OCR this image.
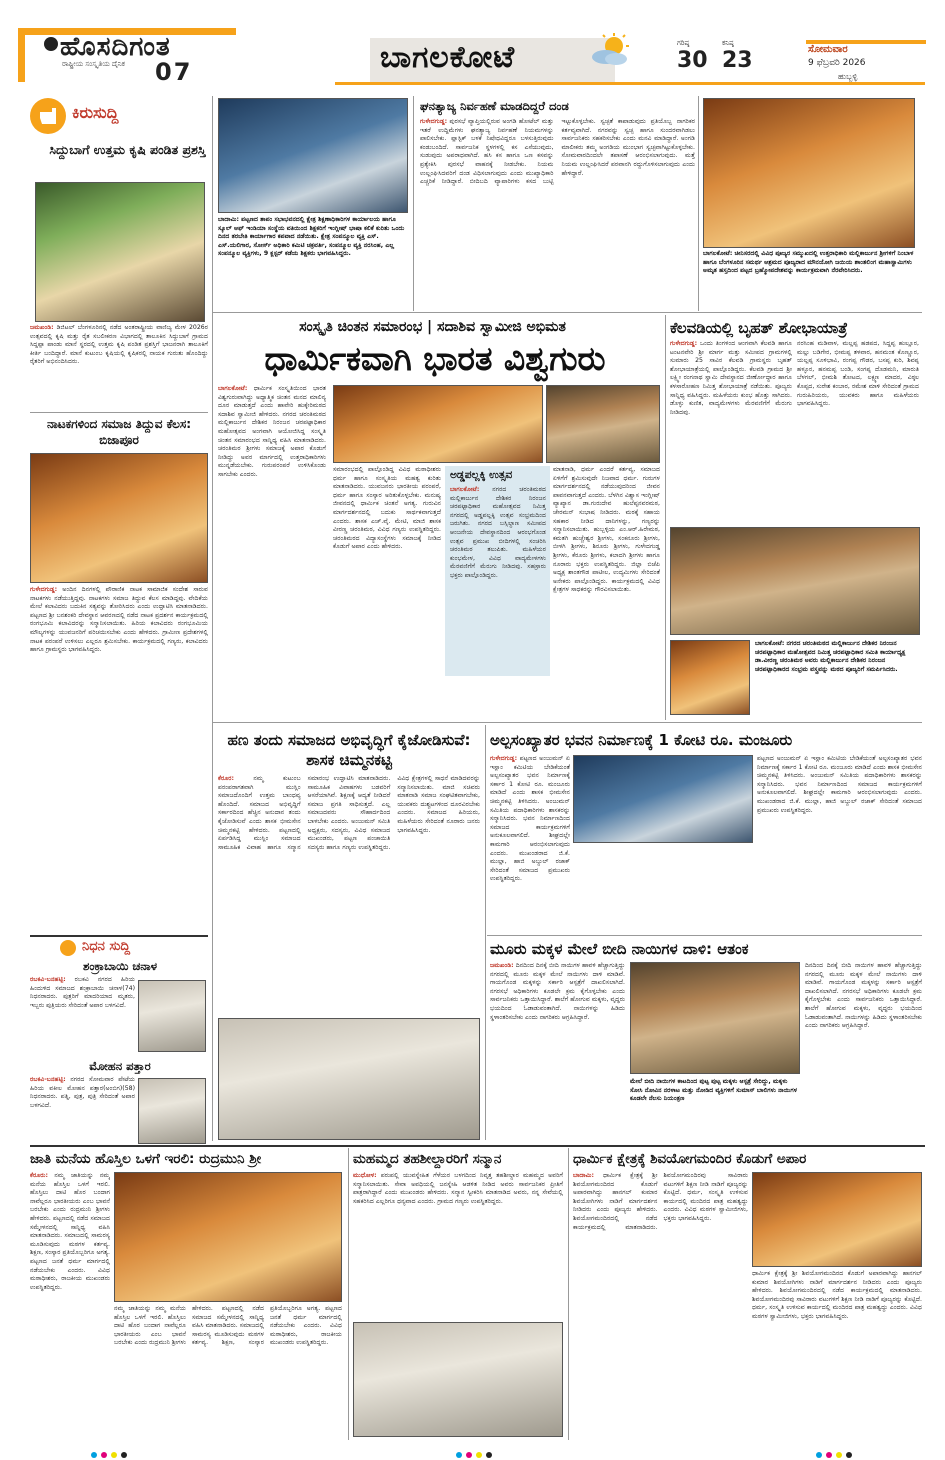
ಹೊಸದಿಗಂತ
ರಾಷ್ಟ್ರೀಯ ಸಂಸ್ಕೃತಿಯ ದೈನಿಕ 07	ಬಾಗಲಕೋಟೆ	ಗರಿಷ್ಠ
30
ಕನಿಷ್ಠ
23	ಸೋಮವಾರ
9 ಫೆಬ್ರವರಿ 2026
ಹುಬ್ಬಳ್ಳಿ
ಕಿರುಸುದ್ದಿ
ಸಿದ್ದುಬಾಗೆ ಉತ್ತಮ ಕೃಷಿ ಪಂಡಿತ ಪ್ರಶಸ್ತಿ
ಜಮಖಂಡಿ: ಡಿಜಿಟಲ್ ಬೆಂಗಳೂರಿನಲ್ಲಿ ನಡೆದ ಅಂತರಾಷ್ಟ್ರೀಯ ವಾಣಿಜ್ಯ ಮೇಳ 2026ರ ಉತ್ಸವದಲ್ಲಿ ಕೃಷಿ ಮತ್ತು ರೈತ ಸಬಲೀಕರಣ ವಿಭಾಗದಲ್ಲಿ ತಾಲೂಕಿನ ಸಿದ್ದುಬಾಗೆ ಗ್ರಾಮದ ಸಿದ್ದಪ್ಪಾ ಪಾಂಡು ಮಾನೆ ಸ್ಥರದಲ್ಲಿ ಉತ್ತಮ ಕೃಷಿ ಪಂಡಿತ ಪ್ರಶಸ್ತಿಗೆ ಭಾಜನರಾಗಿ ತಾಲೂಕಿಗೆ ಕೀರ್ತಿ ಬಂದಿದ್ದಾರೆ. ಮಾನೆ ಕುಟುಂಬ ಕೃಷಿಯಲ್ಲಿ ಕೃಷಿಕರಲ್ಲಿ ನಾಯಕ ಗುರುತು ಹೊಂದಿದ್ದು ರೈತರಿಗೆ ಅಭಿನಂದಿಸಿದರು.
ನಾಟಕಗಳಿಂದ ಸಮಾಜ ತಿದ್ದುವ ಕೆಲಸ: ಬಿಜಾಪೂರ
ಗುಳೇದಗುಡ್ಡ: ಅಂದಿನ ದಿನಗಳಲ್ಲಿ ಪೌರಾಣಿಕ ನಾಟಕ ಸಾಮಾಜಿಕ ಸಂದೇಶ ಸಾರುವ ನಾಟಕಗಳು ನಡೆಯುತ್ತಿದ್ದವು. ನಾಟಕಗಳು ಸಮಾಜ ತಿದ್ದುವ ಕೆಲಸ ಮಾಡಿದ್ದವು. ವೇದಿಕೆಯ ಮೇಲೆ ಕಲಾವಿದರು ಬದುಕಿನ ಸತ್ಯವನ್ನು ತೋರಿಸಿದರು ಎಂದು ಉದ್ಘಾಟಿಸಿ ಮಾತನಾಡಿದರು. ಪಟ್ಟಣದ ಶ್ರೀ ಬನಶಂಕರಿ ದೇವಸ್ಥಾನ ಆವರಣದಲ್ಲಿ ನಡೆದ ನಾಟಕ ಪ್ರದರ್ಶನ ಕಾರ್ಯಕ್ರಮದಲ್ಲಿ ರಂಗಭೂಮಿ ಕಲಾವಿದರನ್ನು ಸನ್ಮಾನಿಸಲಾಯಿತು. ಹಿರಿಯ ಕಲಾವಿದರು ರಂಗಭೂಮಿಯ ಮೌಲ್ಯಗಳನ್ನು ಯುವಜನರಿಗೆ ಪರಿಚಯಿಸಬೇಕು ಎಂದು ಹೇಳಿದರು. ಗ್ರಾಮೀಣ ಪ್ರದೇಶಗಳಲ್ಲಿ ನಾಟಕ ಪರಂಪರೆ ಉಳಿಸಲು ಎಲ್ಲರೂ ಶ್ರಮಿಸಬೇಕು. ಕಾರ್ಯಕ್ರಮದಲ್ಲಿ ಗಣ್ಯರು, ಕಲಾವಿದರು ಹಾಗೂ ಗ್ರಾಮಸ್ಥರು ಭಾಗವಹಿಸಿದ್ದರು.
ನಿಧನ ಸುದ್ದಿ
ಶಂಕ್ರಾಬಾಯಿ ಚನಾಳ
ರಬಕವಿ-ಬನಹಟ್ಟಿ: ರಬಕವಿ ನಗರದ ಹಿರಿಯ ಹಿಂದುಳಿದ ಸಮಾಜದ ಶಂಕ್ರಾಬಾಯಿ ಚನಾಳ(74) ನಿಧನರಾದರು. ಪುತ್ರರಿಗೆ ಮಾದರಿಯಾದ ಮೃತರು, ಇಬ್ಬರು ಪುತ್ರಿಯರು ಸೇರಿದಂತೆ ಅಪಾರ ಬಳಗವಿದೆ.
ಮೋಹನ ಪತ್ತಾರ
ರಬಕವಿ-ಬನಹಟ್ಟಿ: ನಗರದ ಸೋಮವಾರ ಪೇಟೆಯ ಹಿರಿಯ ವಕೀಲ ಮೋಹನ ಪತ್ತಾರ(ಅಂಬಿಗ)(58) ನಿಧನರಾದರು. ಪತ್ನಿ, ಪುತ್ರ, ಪುತ್ರಿ ಸೇರಿದಂತೆ ಅಪಾರ ಬಳಗವಿದೆ.
ಬಾದಾಮಿ: ಪಟ್ಟಣದ ತಾಪಂ ಸಭಾಭವನದಲ್ಲಿ ಕ್ಷೇತ್ರ ಶಿಕ್ಷಣಾಧಿಕಾರಿಗಳ ಕಾರ್ಯಾಲಯ ಹಾಗೂ ಸ್ಕೂಲ್ ಆಫ್ ಇಂಡಿಯಾ ಸಂಸ್ಥೆಯ ವತಿಯಿಂದ ಶಿಕ್ಷಕರಿಗೆ ಇಂಗ್ಲೀಷ್ ಭಾಷಾ ಕಲಿಕೆ ಕುರಿತು ಒಂದು ದಿನದ ತರಬೇತಿ ಕಾರ್ಯಾಗಾರ ಕಪವಾದ ನಡೆಯಿತು. ಕ್ಷೇತ್ರ ಸಂಪನ್ಮೂಲ ವ್ಯಕ್ತಿ ಎಸ್. ಎಸ್.ಯಲಿಗಾರ, ಸೋರ್ಸ್ ಅಧಿಕಾರಿ ಕಮಿಟಿ ಚಕ್ರವರ್ತಿ, ಸಂಪನ್ಮೂಲ ವ್ಯಕ್ತಿ ನರಸಿಂಹ, ಎಲ್ಲ ಸಂಪನ್ಮೂಲ ವ್ಯಕ್ತಿಗಳು, 9 ಕ್ಲಸ್ಟರ್ ಕಡೆಯ ಶಿಕ್ಷಕರು ಭಾಗವಹಿಸಿದ್ದರು.
ಘನತ್ಯಾಜ್ಯ ನಿರ್ವಹಣೆ ಮಾಡದಿದ್ದರೆ ದಂಡ
ಗುಳೇದಗುಡ್ಡ: ಪುರಸಭೆ ವ್ಯಾಪ್ತಿಯಲ್ಲಿರುವ ಅಂಗಡಿ ಹೋಟೆಲ್ ಮತ್ತು ಇತರೆ ಉದ್ದಿಮೆಗಳು ಘನತ್ಯಾಜ್ಯ ನಿರ್ವಹಣೆ ನಿಯಮಗಳನ್ನು ಪಾಲಿಸಬೇಕು. ಪ್ಲಾಸ್ಟಿಕ್ ಬಳಕೆ ನಿಷೇಧವಿದ್ದರೂ ಬಳಸುತ್ತಿರುವುದು ಕಂಡುಬಂದಿದೆ. ಸಾರ್ವಜನಿಕ ಸ್ಥಳಗಳಲ್ಲಿ ಕಸ ಎಸೆಯುವುದು, ಸುಡುವುದು ಅಪರಾಧವಾಗಿದೆ. ಹಸಿ ಕಸ ಹಾಗೂ ಒಣ ಕಸವನ್ನು ಪ್ರತ್ಯೇಕಿಸಿ ಪುರಸಭೆ ವಾಹನಕ್ಕೆ ನೀಡಬೇಕು. ನಿಯಮ ಉಲ್ಲಂಘಿಸಿದವರಿಗೆ ದಂಡ ವಿಧಿಸಲಾಗುವುದು ಎಂದು ಮುಖ್ಯಾಧಿಕಾರಿ ಎಚ್ಚರಿಕೆ ನೀಡಿದ್ದಾರೆ. ಬೀದಿಬದಿ ವ್ಯಾಪಾರಿಗಳು ಕಸದ ಬುಟ್ಟಿ ಇಟ್ಟುಕೊಳ್ಳಬೇಕು. ಸ್ವಚ್ಛತೆ ಕಾಪಾಡುವುದು ಪ್ರತಿಯೊಬ್ಬ ನಾಗರಿಕರ ಕರ್ತವ್ಯವಾಗಿದೆ. ನಗರವನ್ನು ಸ್ವಚ್ಛ ಹಾಗೂ ಸುಂದರವಾಗಿಡಲು ಸಾರ್ವಜನಿಕರು ಸಹಕರಿಸಬೇಕು ಎಂದು ಮನವಿ ಮಾಡಿದ್ದಾರೆ. ಅಂಗಡಿ ಮಾಲೀಕರು ತಮ್ಮ ಅಂಗಡಿಯ ಮುಂಭಾಗ ಸ್ವಚ್ಛವಾಗಿಟ್ಟುಕೊಳ್ಳಬೇಕು. ಸೋಮವಾರದಿಂದಲೇ ತಪಾಸಣೆ ಆರಂಭಿಸಲಾಗುವುದು. ಮತ್ತೆ ನಿಯಮ ಉಲ್ಲಂಘಿಸಿದರೆ ಪರವಾನಗಿ ರದ್ದುಗೊಳಿಸಲಾಗುವುದು ಎಂದು ಹೇಳಿದ್ದಾರೆ.
ಬಾಗಲಕೋಟೆ: ಚೀನಿಸರದಲ್ಲಿ ವಿವಿಧ ಪೂಜ್ಯರ ಸಮ್ಮುಖದಲ್ಲಿ ಉತ್ತರಾಧಿಕಾರಿ ಮಲ್ಲಿಕಾರ್ಜುನ ಶ್ರೀಗಳಿಗೆ ನಿಂಬಾಳ ಹಾಗೂ ಬೆಂಗಳೂರಿನ ಸಮರ್ಥ ಆಶ್ರಮದ ಪೂಜ್ಯರಾದ ಮೌನಯೋಗಿ ಜಯಿಯ ಶಾಂತಲಿಂಗ ಮಹಾಸ್ವಾಮಿಗಳು ಅಮೃತ ಹಸ್ತದಿಂದ ಪಟ್ಟದ ಬ್ರಹ್ಮೋಪದೇಶವನ್ನು ಕಾರ್ಯಕ್ರಮವಾಗಿ ನೆರವೇರಿಸಿದರು.
ಸಂಸ್ಕೃತಿ ಚಿಂತನ ಸಮಾರಂಭ | ಸದಾಶಿವ ಸ್ವಾಮೀಜಿ ಅಭಿಮತ
ಧಾರ್ಮಿಕವಾಗಿ ಭಾರತ ವಿಶ್ವಗುರು
ಬಾಗಲಕೋಟೆ: ಧಾರ್ಮಿಕ ಸಂಸ್ಕೃತಿಯಿಂದ ಭಾರತ ವಿಶ್ವಗುರುವಾಗಿದ್ದು ಅಧ್ಯಾತ್ಮಿಕ ಚಿಂತನ ಮನದ ಮಾಲಿನ್ಯ ದೂರ ಮಾಡುತ್ತದೆ ಎಂದು ಹಾವೇರಿ ಹುಕ್ಕೇರಿಮಠದ ಸದಾಶಿವ ಸ್ವಾಮೀಜಿ ಹೇಳಿದರು. ನಗರದ ಚರಂತಿಮಠದ ಮಲ್ಲಿಕಾರ್ಜುನ ದೇಶಿಕರ ನಿರಂಜನ ಚರಪಟ್ಟಾಧಿಕಾರ ಮಹೋತ್ಸವದ ಅಂಗವಾಗಿ ಆಯೋಜಿಸಿದ್ದ ಸಂಸ್ಕೃತಿ ಚಿಂತನ ಸಮಾರಂಭದ ಸಾನ್ನಿಧ್ಯ ವಹಿಸಿ ಮಾತನಾಡಿದರು. ಚರಂತಿಮಠ ಶ್ರೀಗಳು ಸಮಾಜಕ್ಕೆ ಅಪಾರ ಕೊಡುಗೆ ನೀಡಿದ್ದು ಅವರ ಮಾರ್ಗದಲ್ಲಿ ಉತ್ತರಾಧಿಕಾರಿಗಳು ಮುನ್ನಡೆಯಬೇಕು. ಗುರುಪರಂಪರೆ ಉಳಿಸಿಕೊಂಡು ಸಾಗಬೇಕು ಎಂದರು.
ಸಮಾರಂಭದಲ್ಲಿ ಪಾಲ್ಗೊಂಡಿದ್ದ ವಿವಿಧ ಮಠಾಧೀಶರು ಧರ್ಮ ಹಾಗೂ ಸಂಸ್ಕೃತಿಯ ಮಹತ್ವ ಕುರಿತು ಮಾತನಾಡಿದರು. ಯುವಜನರು ಭಾರತೀಯ ಪರಂಪರೆ, ಧರ್ಮ ಹಾಗೂ ಸಂಸ್ಕಾರ ಅರಿತುಕೊಳ್ಳಬೇಕು. ಮನುಷ್ಯ ಜೀವನದಲ್ಲಿ ಧಾರ್ಮಿಕ ಚಿಂತನೆ ಅಗತ್ಯ. ಗುರುವಿನ ಮಾರ್ಗದರ್ಶನದಲ್ಲಿ ಬದುಕು ಸಾರ್ಥಕವಾಗುತ್ತದೆ ಎಂದರು. ಶಾಸಕ ಎಚ್.ವೈ. ಮೇಟಿ, ಮಾಜಿ ಶಾಸಕ ವೀರಣ್ಣ ಚರಂತಿಮಠ, ವಿವಿಧ ಗಣ್ಯರು ಉಪಸ್ಥಿತರಿದ್ದರು. ಚರಂತಿಮಠದ ವಿದ್ಯಾಸಂಸ್ಥೆಗಳು ಸಮಾಜಕ್ಕೆ ನೀಡಿದ ಕೊಡುಗೆ ಅಪಾರ ಎಂದು ಹೇಳಿದರು.
ಅಡ್ಡಪಲ್ಲಕ್ಕಿ ಉತ್ಸವ
ಬಾಗಲಕೋಟೆ: ನಗರದ ಚರಂತಿಮಠದ ಮಲ್ಲಿಕಾರ್ಜುನ ದೇಶಿಕರ ನಿರಂಜನ ಚರಪಟ್ಟಾಧಿಕಾರ ಮಹೋತ್ಸವದ ನಿಮಿತ್ತ ನಗರದಲ್ಲಿ ಅಡ್ಡಪಲ್ಲಕ್ಕಿ ಉತ್ಸವ ಸಂಭ್ರಮದಿಂದ ಜರುಗಿತು. ನಗರದ ಬಸ್ಸಿಲ್ದಾಣ ಸಮೀಪದ ಆಂಜನೇಯ ದೇವಸ್ಥಾನದಿಂದ ಆರಂಭಗೊಂಡ ಉತ್ಸವ ಪ್ರಮುಖ ಬೀದಿಗಳಲ್ಲಿ ಸಂಚರಿಸಿ ಚರಂತಿಮಠ ತಲುಪಿತು. ಮಹಿಳೆಯರ ಕುಂಭಮೇಳ, ವಿವಿಧ ವಾದ್ಯಮೇಳಗಳು ಮೆರವಣಿಗೆಗೆ ಮೆರುಗು ನೀಡಿದವು. ಸಹಸ್ರಾರು ಭಕ್ತರು ಪಾಲ್ಗೊಂಡಿದ್ದರು.
ಮಾತನಾಡಿ, ಧರ್ಮ ಎಂದರೆ ಕರ್ತವ್ಯ, ಸಮಾಜದ ಏಳಿಗೆಗೆ ಶ್ರಮಿಸುವುದೇ ನಿಜವಾದ ಧರ್ಮ. ಗುರುಗಳ ಮಾರ್ಗದರ್ಶನದಲ್ಲಿ ನಡೆಯುವುದರಿಂದ ಜೀವನ ಪಾವನವಾಗುತ್ತದೆ ಎಂದರು. ಬೆಳಗಿನ ವಿಶ್ವಾಸ ಇಂಗ್ಲೀಷ್ ವ್ಯಾಖ್ಯಾನ ಡಾ.ಗುರುದೇವ ಹುಲೆಪ್ಪನವರಮಠ, ಚೇರಮನ್ ಸುಭಾಷ ನೀಡಿದರು. ಮಠಕ್ಕೆ ಸಹಾಯ ಸಹಕಾರ ನೀಡಿದ ದಾನಿಗಳನ್ನು, ಗಣ್ಯರನ್ನು ಸನ್ಮಾನಿಸಲಾಯಿತು. ಹುಬ್ಬಳ್ಳಿಯ ಎಂ.ಆರ್.ಹಿರೇಮಠ, ಕಮತಗಿ ಹುಚ್ಚೇಶ್ವರ ಶ್ರೀಗಳು, ಸಂಕನೂರು ಶ್ರೀಗಳು, ಬೀಳಗಿ ಶ್ರೀಗಳು, ಶಿರೂರು ಶ್ರೀಗಳು, ಗುಳೇದಗುಡ್ಡ ಶ್ರೀಗಳು, ಕೆರೂರು ಶ್ರೀಗಳು, ಕಲಾದಗಿ ಶ್ರೀಗಳು ಹಾಗೂ ನೂರಾರು ಭಕ್ತರು ಉಪಸ್ಥಿತರಿದ್ದರು. ಜಿಲ್ಲಾ ಬಿಜೆಪಿ ಅಧ್ಯಕ್ಷ ಶಾಂತಗೌಡ ಪಾಟೀಲ, ಉದ್ಯಮಿಗಳು ಸೇರಿದಂತೆ ಅನೇಕರು ಪಾಲ್ಗೊಂಡಿದ್ದರು. ಕಾರ್ಯಕ್ರಮದಲ್ಲಿ ವಿವಿಧ ಕ್ಷೇತ್ರಗಳ ಸಾಧಕರನ್ನು ಗೌರವಿಸಲಾಯಿತು.
ಕೆಲವಡಿಯಲ್ಲಿ ಬೃಹತ್ ಶೋಭಾಯಾತ್ರೆ
ಗುಳೇದಗುಡ್ಡ: ಒಂದು ತಿಂಗಳಿಂದ ಆಂಗವಾಗಿ ಕೆಲವಡಿ ಹಾಗೂ ಟಂಟನವೇರಿ ಶ್ರೀ ಮಾರ್ಗ ಮತ್ತು ಸಮೀಪದ ಗ್ರಾಮಗಳಲ್ಲಿ ಸುಮಾರು 25 ಸಾವಿರ ಕೆಲವಡಿ ಗ್ರಾಮಸ್ಥರು ಬೃಹತ್ ಶೋಭಾಯಾತ್ರೆಯಲ್ಲಿ ಪಾಲ್ಗೊಂಡಿದ್ದರು. ಕೆಲವಡಿ ಗ್ರಾಮದ ಶ್ರೀ ಲಕ್ಷ್ಮೀ ರಂಗನಾಥ ಸ್ವಾಮಿ ದೇವಸ್ಥಾನದ ಜೀರ್ಣೋದ್ಧಾರ ಹಾಗೂ ಕಳಸಾರೋಹಣ ನಿಮಿತ್ತ ಶೋಭಾಯಾತ್ರೆ ನಡೆಯಿತು. ಪೂಜ್ಯರು ಸಾನ್ನಿಧ್ಯ ವಹಿಸಿದ್ದರು. ಮಹಿಳೆಯರು ಕುಂಭ ಹೊತ್ತು ಸಾಗಿದರು. ಡೊಳ್ಳು ಕುಣಿತ, ವಾದ್ಯಮೇಳಗಳು ಮೆರವಣಿಗೆಗೆ ಮೆರುಗು ನೀಡಿದವು.
ನರಸಿಂಹ ಮಡಿವಾಳ, ಮಲ್ಲಪ್ಪ ಹಡಪದ, ಸಿದ್ದಪ್ಪ ಹುಲ್ಲೂರ, ಮಲ್ಲು ಬಡಿಗೇರ, ಭೀಮಪ್ಪ ತಳವಾರ, ಹನಮಂತ ಕೊಣ್ಣೂರ, ಯಲ್ಲಪ್ಪ ಸೂಳಿಭಾವಿ, ರಂಗಪ್ಪ ಗೌಡರ, ಬಸಪ್ಪ ಕುರಿ, ಶಿವಪ್ಪ ಹಳ್ಳೂರ, ಹನಮಪ್ಪ ಬಂಡಿ, ಸಂಗಪ್ಪ ದೊಡಮನಿ, ಮಾರುತಿ ಬೆಳಗಲ್, ಭೀಮಶಿ ತೋಟದ, ಲಕ್ಷ್ಮಣ ಮಾದರ, ವಿಠ್ಠಲ ಕೊಪ್ಪದ, ಸುರೇಶ ಕಂಬಾರ, ರಮೇಶ ಮಾಳಿ ಸೇರಿದಂತೆ ಗ್ರಾಮದ ಗುರುಹಿರಿಯರು, ಯುವಕರು ಹಾಗೂ ಮಹಿಳೆಯರು ಭಾಗವಹಿಸಿದ್ದರು.
ಬಾಗಲಕೋಟೆ: ನಗರದ ಚರಂತಿಮಠದ ಮಲ್ಲಿಕಾರ್ಜುನ ದೇಶಿಕರ ನಿರಂಜನ ಚರಪಟ್ಟಾಧಿಕಾರ ಮಹೋತ್ಸವದ ನಿಮಿತ್ತ ಚರಪಟ್ಟಾಧಿಕಾರ ಸಮಿತಿ ಕಾರ್ಯಾಧ್ಯಕ್ಷ ಡಾ.ವೀರಣ್ಣ ಚರಂತಿಮಠ ಅವರು ಮಲ್ಲಿಕಾರ್ಜುನ ದೇಶಿಕರ ನಿರಂಜನ ಚರಪಟ್ಟಾಧಿಕಾರದ ಸಂಭ್ರಮ ವಸ್ತ್ರವನ್ನು ಮಠದ ಪೂಜ್ಯರಿಗೆ ಸಮರ್ಪಿಸಿದರು.
ಹಣ ತಂದು ಸಮಾಜದ ಅಭಿವೃದ್ಧಿಗೆ ಕೈಜೋಡಿಸುವೆ: ಶಾಸಕ ಚಿಮ್ಮನಕಟ್ಟಿ
ಕೆರೂರ:	ನಮ್ಮ ಕುಟುಂಬ ಪರಂಪರಾಗತವಾಗಿ ಮುಸ್ಲಿಂ ಸಮಾಜದೊಂದಿಗೆ ಉತ್ತಮ ಬಾಂಧವ್ಯ ಹೊಂದಿದೆ. ಸಮಾಜದ ಅಭಿವೃದ್ಧಿಗೆ ಸರ್ಕಾರದಿಂದ ಹೆಚ್ಚಿನ ಅನುದಾನ ತಂದು ಕೈಜೋಡಿಸುವೆ ಎಂದು ಶಾಸಕ ಭೀಮಸೇನ ಚಿಮ್ಮನಕಟ್ಟಿ ಹೇಳಿದರು. ಪಟ್ಟಣದಲ್ಲಿ ಏರ್ಪಡಿಸಿದ್ದ ಮುಸ್ಲಿಂ ಸಮಾಜದ ಸಾಮೂಹಿಕ ವಿವಾಹ ಹಾಗೂ ಸನ್ಮಾನ ಸಮಾರಂಭ ಉದ್ಘಾಟಿಸಿ ಮಾತನಾಡಿದರು. ಸಾಮೂಹಿಕ ವಿವಾಹಗಳು ಬಡವರಿಗೆ ಆಸರೆಯಾಗಿವೆ. ಶಿಕ್ಷಣಕ್ಕೆ ಆದ್ಯತೆ ನೀಡಿದರೆ ಸಮಾಜ ಪ್ರಗತಿ ಸಾಧಿಸುತ್ತದೆ. ಎಲ್ಲ ಸಮಾಜದವರು ಸೌಹಾರ್ದದಿಂದ ಬಾಳಬೇಕು ಎಂದರು. ಅಂಜುಮನ್ ಸಮಿತಿ ಅಧ್ಯಕ್ಷರು, ಸದಸ್ಯರು, ವಿವಿಧ ಸಮಾಜದ ಮುಖಂಡರು, ಪಟ್ಟಣ ಪಂಚಾಯಿತಿ ಸದಸ್ಯರು ಹಾಗೂ ಗಣ್ಯರು ಉಪಸ್ಥಿತರಿದ್ದರು. ವಿವಿಧ ಕ್ಷೇತ್ರಗಳಲ್ಲಿ ಸಾಧನೆ ಮಾಡಿದವರನ್ನು ಸನ್ಮಾನಿಸಲಾಯಿತು. ಮಾಜಿ ಸಚಿವರು ಮಾತನಾಡಿ ಸಮಾಜ ಸಂಘಟಿತವಾಗಬೇಕು, ಯುವಕರು ದುಶ್ಚಟಗಳಿಂದ ದೂರವಿರಬೇಕು ಎಂದರು. ಸಮಾಜದ ಹಿರಿಯರು, ಮಹಿಳೆಯರು ಸೇರಿದಂತೆ ನೂರಾರು ಜನರು ಭಾಗವಹಿಸಿದ್ದರು.
ಅಲ್ಪಸಂಖ್ಯಾತರ ಭವನ ನಿರ್ಮಾಣಕ್ಕೆ 1 ಕೋಟಿ ರೂ. ಮಂಜೂರು
ಗುಳೇದಗುಡ್ಡ: ಪಟ್ಟಣದ ಅಂಜುಮನ್ ಏ ಇಸ್ಲಾಂ ಕಮಿಟಿಯ ಬೇಡಿಕೆಯಂತೆ ಅಲ್ಪಸಂಖ್ಯಾತರ ಭವನ ನಿರ್ಮಾಣಕ್ಕೆ ಸರ್ಕಾರ 1 ಕೋಟಿ ರೂ. ಮಂಜೂರು ಮಾಡಿದೆ ಎಂದು ಶಾಸಕ ಭೀಮಸೇನ ಚಿಮ್ಮನಕಟ್ಟಿ ತಿಳಿಸಿದರು. ಅಂಜುಮನ್ ಸಮಿತಿಯ ಪದಾಧಿಕಾರಿಗಳು ಶಾಸಕರನ್ನು ಸನ್ಮಾನಿಸಿದರು. ಭವನ ನಿರ್ಮಾಣದಿಂದ ಸಮಾಜದ ಕಾರ್ಯಕ್ರಮಗಳಿಗೆ ಅನುಕೂಲವಾಗಲಿದೆ. ಶೀಘ್ರದಲ್ಲೇ ಕಾಮಗಾರಿ ಆರಂಭಿಸಲಾಗುವುದು ಎಂದರು. ಮುಖಂಡರಾದ ಜಿ.ಕೆ. ಮುಲ್ಲಾ, ಹಾಜಿ ಅಬ್ದುಲ್ ರಜಾಕ್ ಸೇರಿದಂತೆ ಸಮಾಜದ ಪ್ರಮುಖರು ಉಪಸ್ಥಿತರಿದ್ದರು.
ಪಟ್ಟಣದ ಅಂಜುಮನ್ ಏ ಇಸ್ಲಾಂ ಕಮಿಟಿಯ ಬೇಡಿಕೆಯಂತೆ ಅಲ್ಪಸಂಖ್ಯಾತರ ಭವನ ನಿರ್ಮಾಣಕ್ಕೆ ಸರ್ಕಾರ 1 ಕೋಟಿ ರೂ. ಮಂಜೂರು ಮಾಡಿದೆ ಎಂದು ಶಾಸಕ ಭೀಮಸೇನ ಚಿಮ್ಮನಕಟ್ಟಿ ತಿಳಿಸಿದರು. ಅಂಜುಮನ್ ಸಮಿತಿಯ ಪದಾಧಿಕಾರಿಗಳು ಶಾಸಕರನ್ನು ಸನ್ಮಾನಿಸಿದರು. ಭವನ ನಿರ್ಮಾಣದಿಂದ ಸಮಾಜದ ಕಾರ್ಯಕ್ರಮಗಳಿಗೆ ಅನುಕೂಲವಾಗಲಿದೆ. ಶೀಘ್ರದಲ್ಲೇ ಕಾಮಗಾರಿ ಆರಂಭಿಸಲಾಗುವುದು ಎಂದರು. ಮುಖಂಡರಾದ ಜಿ.ಕೆ. ಮುಲ್ಲಾ, ಹಾಜಿ ಅಬ್ದುಲ್ ರಜಾಕ್ ಸೇರಿದಂತೆ ಸಮಾಜದ ಪ್ರಮುಖರು ಉಪಸ್ಥಿತರಿದ್ದರು.
ಮೂರು ಮಕ್ಕಳ ಮೇಲೆ ಬೀದಿ ನಾಯಿಗಳ ದಾಳಿ: ಆತಂಕ
ಜಮಖಂಡಿ: ದಿನದಿಂದ ದಿನಕ್ಕೆ ಬೀದಿ ನಾಯಿಗಳ ಹಾವಳಿ ಹೆಚ್ಚಾಗುತ್ತಿದ್ದು ನಗರದಲ್ಲಿ ಮೂರು ಮಕ್ಕಳ ಮೇಲೆ ನಾಯಿಗಳು ದಾಳಿ ಮಾಡಿವೆ. ಗಾಯಗೊಂಡ ಮಕ್ಕಳನ್ನು ಸರ್ಕಾರಿ ಆಸ್ಪತ್ರೆಗೆ ದಾಖಲಿಸಲಾಗಿದೆ. ನಗರಸಭೆ ಅಧಿಕಾರಿಗಳು ಕೂಡಲೇ ಕ್ರಮ ಕೈಗೊಳ್ಳಬೇಕು ಎಂದು ಸಾರ್ವಜನಿಕರು ಒತ್ತಾಯಿಸಿದ್ದಾರೆ. ಶಾಲೆಗೆ ಹೋಗುವ ಮಕ್ಕಳು, ವೃದ್ಧರು ಭಯದಿಂದ ಓಡಾಡುವಂತಾಗಿದೆ. ನಾಯಿಗಳನ್ನು ಹಿಡಿದು ಸ್ಥಳಾಂತರಿಸಬೇಕು ಎಂದು ನಾಗರಿಕರು ಆಗ್ರಹಿಸಿದ್ದಾರೆ.
ದಿನದಿಂದ ದಿನಕ್ಕೆ ಬೀದಿ ನಾಯಿಗಳ ಹಾವಳಿ ಹೆಚ್ಚಾಗುತ್ತಿದ್ದು ನಗರದಲ್ಲಿ ಮೂರು ಮಕ್ಕಳ ಮೇಲೆ ನಾಯಿಗಳು ದಾಳಿ ಮಾಡಿವೆ. ಗಾಯಗೊಂಡ ಮಕ್ಕಳನ್ನು ಸರ್ಕಾರಿ ಆಸ್ಪತ್ರೆಗೆ ದಾಖಲಿಸಲಾಗಿದೆ. ನಗರಸಭೆ ಅಧಿಕಾರಿಗಳು ಕೂಡಲೇ ಕ್ರಮ ಕೈಗೊಳ್ಳಬೇಕು ಎಂದು ಸಾರ್ವಜನಿಕರು ಒತ್ತಾಯಿಸಿದ್ದಾರೆ. ಶಾಲೆಗೆ ಹೋಗುವ ಮಕ್ಕಳು, ವೃದ್ಧರು ಭಯದಿಂದ ಓಡಾಡುವಂತಾಗಿದೆ. ನಾಯಿಗಳನ್ನು ಹಿಡಿದು ಸ್ಥಳಾಂತರಿಸಬೇಕು ಎಂದು ನಾಗರಿಕರು ಆಗ್ರಹಿಸಿದ್ದಾರೆ.
ಮೇಲೆ ಬೀದಿ ನಾಯಿಗಳ ಕಾಟದಿಂದ ಪುಟ್ಟ ಪುಟ್ಟ ಮಕ್ಕಳು ಆಸ್ಪತ್ರೆ ಸೇರಿದ್ದು, ಮಕ್ಕಳು ಸೋಸಿ ನೋವಿನ ನರಳಾಟ ಮತ್ತು ನೋಡಿದ ವ್ಯಕ್ತಿಗಳಿಗೆ ಸುಮಾಸ್ ಬಾಲಿಗಳು ನಾಯಿಗಳ ಕೂಡಲೇ ನೆಲಸು ನಿಯಂತ್ರಣ
ಜಾತಿ ಮನೆಯ ಹೊಸ್ತಿಲ ಒಳಗೆ ಇರಲಿ: ರುದ್ರಮುನಿ ಶ್ರೀ
ಕೆರೂರು: ನಮ್ಮ ಜಾತಿಯನ್ನು ನಮ್ಮ ಮನೆಯ ಹೊಸ್ತಿಲ ಒಳಗೆ ಇರಲಿ. ಹೊಸ್ತಿಲು ದಾಟಿ ಹೊರ ಬಂದಾಗ ನಾವೆಲ್ಲರೂ ಭಾರತೀಯರು ಎಂಬ ಭಾವನೆ ಬರಬೇಕು ಎಂದು ರುದ್ರಮುನಿ ಶ್ರೀಗಳು ಹೇಳಿದರು. ಪಟ್ಟಣದಲ್ಲಿ ನಡೆದ ಸಮಾಜದ ಸಮ್ಮೇಳನದಲ್ಲಿ ಸಾನ್ನಿಧ್ಯ ವಹಿಸಿ ಮಾತನಾಡಿದರು. ಸಮಾಜದಲ್ಲಿ ಸಾಮರಸ್ಯ ಮೂಡಿಸುವುದು ಮಠಗಳ ಕರ್ತವ್ಯ. ಶಿಕ್ಷಣ, ಸಂಸ್ಕಾರ ಪ್ರತಿಯೊಬ್ಬರಿಗೂ ಅಗತ್ಯ. ಪಟ್ಟಣದ ಜನತೆ ಧರ್ಮ ಮಾರ್ಗದಲ್ಲಿ ನಡೆಯಬೇಕು ಎಂದರು. ವಿವಿಧ ಮಠಾಧೀಶರು, ರಾಜಕೀಯ ಮುಖಂಡರು ಉಪಸ್ಥಿತರಿದ್ದರು.
ನಮ್ಮ ಜಾತಿಯನ್ನು ನಮ್ಮ ಮನೆಯ ಹೊಸ್ತಿಲ ಒಳಗೆ ಇರಲಿ. ಹೊಸ್ತಿಲು ದಾಟಿ ಹೊರ ಬಂದಾಗ ನಾವೆಲ್ಲರೂ ಭಾರತೀಯರು ಎಂಬ ಭಾವನೆ ಬರಬೇಕು ಎಂದು ರುದ್ರಮುನಿ ಶ್ರೀಗಳು ಹೇಳಿದರು. ಪಟ್ಟಣದಲ್ಲಿ ನಡೆದ ಸಮಾಜದ ಸಮ್ಮೇಳನದಲ್ಲಿ ಸಾನ್ನಿಧ್ಯ ವಹಿಸಿ ಮಾತನಾಡಿದರು. ಸಮಾಜದಲ್ಲಿ ಸಾಮರಸ್ಯ ಮೂಡಿಸುವುದು ಮಠಗಳ ಕರ್ತವ್ಯ. ಶಿಕ್ಷಣ, ಸಂಸ್ಕಾರ ಪ್ರತಿಯೊಬ್ಬರಿಗೂ ಅಗತ್ಯ. ಪಟ್ಟಣದ ಜನತೆ ಧರ್ಮ ಮಾರ್ಗದಲ್ಲಿ ನಡೆಯಬೇಕು ಎಂದರು. ವಿವಿಧ ಮಠಾಧೀಶರು, ರಾಜಕೀಯ ಮುಖಂಡರು ಉಪಸ್ಥಿತರಿದ್ದರು.
ಮಹಮ್ಮದ ತಹಶೀಲ್ದಾರರಿಗೆ ಸನ್ಮಾನ
ಮುಧೋಳ: ಪರುಪಲ್ಲಿ ಯುವಸ್ನೇಹಿತ ಗೆಳೆಯರ ಬಳಗದಿಂದ ನಿವೃತ್ತ ತಹಶೀಲ್ದಾರ ಮಹಮ್ಮದ ಅವರಿಗೆ ಸನ್ಮಾನಿಸಲಾಯಿತು. ಸೇವಾ ಅವಧಿಯಲ್ಲಿ ಜನಸ್ನೇಹಿ ಆಡಳಿತ ನೀಡಿದ ಅವರು ಸಾರ್ವಜನಿಕರ ಪ್ರೀತಿಗೆ ಪಾತ್ರರಾಗಿದ್ದಾರೆ ಎಂದು ಮುಖಂಡರು ಹೇಳಿದರು. ಸನ್ಮಾನ ಸ್ವೀಕರಿಸಿ ಮಾತನಾಡಿದ ಅವರು, ನನ್ನ ಸೇವೆಯಲ್ಲಿ ಸಹಕರಿಸಿದ ಎಲ್ಲರಿಗೂ ಧನ್ಯವಾದ ಎಂದರು. ಗ್ರಾಮದ ಗಣ್ಯರು ಉಪಸ್ಥಿತರಿದ್ದರು.
ಧಾರ್ಮಿಕ ಕ್ಷೇತ್ರಕ್ಕೆ ಶಿವಯೋಗಮಂದಿರ ಕೊಡುಗೆ ಅಪಾರ
ಬಾದಾಮಿ: ಧಾರ್ಮಿಕ ಕ್ಷೇತ್ರಕ್ಕೆ ಶ್ರೀ ಶಿವಯೋಗಮಂದಿರದ ಕೊಡುಗೆ ಅಪಾರವಾಗಿದ್ದು ಹಾನಗಲ್ ಕುಮಾರ ಶಿವಯೋಗಿಗಳು ನಾಡಿಗೆ ಮಾರ್ಗದರ್ಶನ ನೀಡಿದರು ಎಂದು ಪೂಜ್ಯರು ಹೇಳಿದರು. ಶಿವಯೋಗಮಂದಿರದಲ್ಲಿ ನಡೆದ ಕಾರ್ಯಕ್ರಮದಲ್ಲಿ ಮಾತನಾಡಿದರು. ಶಿವಯೋಗಮಂದಿರವು ಸಾವಿರಾರು ವಟುಗಳಿಗೆ ಶಿಕ್ಷಣ ನೀಡಿ ನಾಡಿಗೆ ಪೂಜ್ಯರನ್ನು ಕೊಟ್ಟಿದೆ. ಧರ್ಮ, ಸಂಸ್ಕೃತಿ ಉಳಿಸುವ ಕಾರ್ಯದಲ್ಲಿ ಮಂದಿರದ ಪಾತ್ರ ಮಹತ್ವದ್ದು ಎಂದರು. ವಿವಿಧ ಮಠಗಳ ಸ್ವಾಮೀಜಿಗಳು, ಭಕ್ತರು ಭಾಗವಹಿಸಿದ್ದರು.
ಧಾರ್ಮಿಕ ಕ್ಷೇತ್ರಕ್ಕೆ ಶ್ರೀ ಶಿವಯೋಗಮಂದಿರದ ಕೊಡುಗೆ ಅಪಾರವಾಗಿದ್ದು ಹಾನಗಲ್ ಕುಮಾರ ಶಿವಯೋಗಿಗಳು ನಾಡಿಗೆ ಮಾರ್ಗದರ್ಶನ ನೀಡಿದರು ಎಂದು ಪೂಜ್ಯರು ಹೇಳಿದರು. ಶಿವಯೋಗಮಂದಿರದಲ್ಲಿ ನಡೆದ ಕಾರ್ಯಕ್ರಮದಲ್ಲಿ ಮಾತನಾಡಿದರು. ಶಿವಯೋಗಮಂದಿರವು ಸಾವಿರಾರು ವಟುಗಳಿಗೆ ಶಿಕ್ಷಣ ನೀಡಿ ನಾಡಿಗೆ ಪೂಜ್ಯರನ್ನು ಕೊಟ್ಟಿದೆ. ಧರ್ಮ, ಸಂಸ್ಕೃತಿ ಉಳಿಸುವ ಕಾರ್ಯದಲ್ಲಿ ಮಂದಿರದ ಪಾತ್ರ ಮಹತ್ವದ್ದು ಎಂದರು. ವಿವಿಧ ಮಠಗಳ ಸ್ವಾಮೀಜಿಗಳು, ಭಕ್ತರು ಭಾಗವಹಿಸಿದ್ದರು.
